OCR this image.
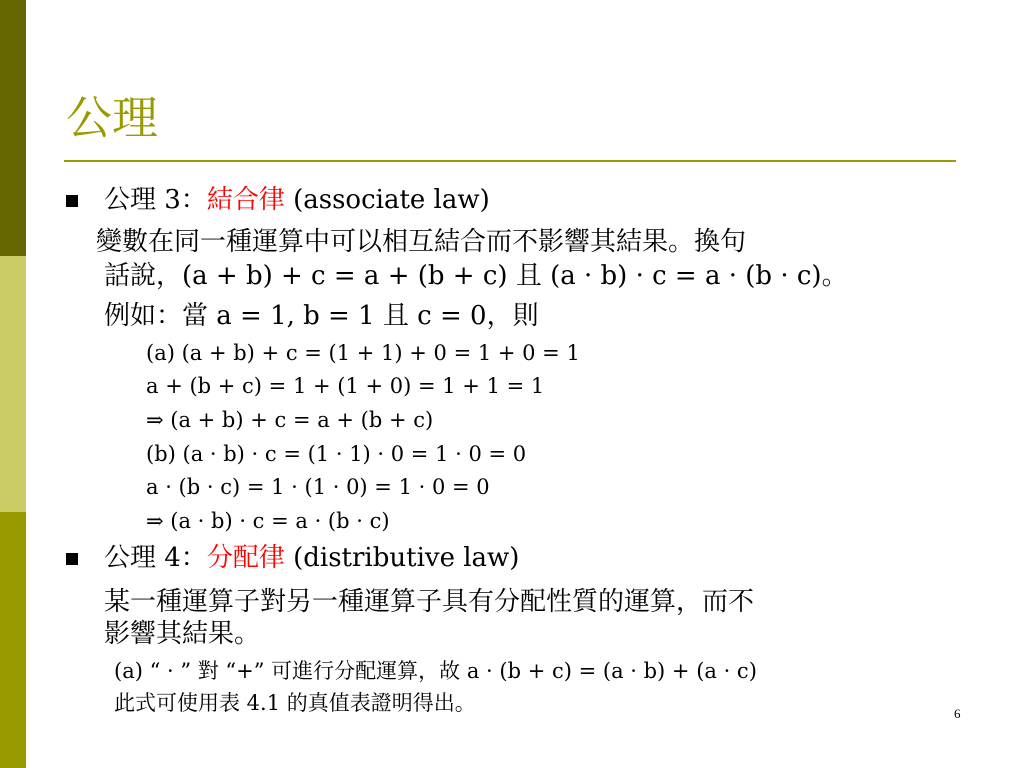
公理
公理 3：結合律 (associate law)
變數在同一種運算中可以相互結合而不影響其結果。換句
話說，(a + b) + c = a + (b + c) 且 (a · b) · c = a · (b · c)。
例如：當 a = 1, b = 1 且 c = 0，則
(a) (a + b) + c = (1 + 1) + 0 = 1 + 0 = 1
a + (b + c) = 1 + (1 + 0) = 1 + 1 = 1
⇒ (a + b) + c = a + (b + c)
(b) (a · b) · c = (1 · 1) · 0 = 1 · 0 = 0
a · (b · c) = 1 · (1 · 0) = 1 · 0 = 0
⇒ (a · b) · c = a · (b · c)
公理 4：分配律 (distributive law)
某一種運算子對另一種運算子具有分配性質的運算，而不
影響其結果。
(a) “ · ” 對 “+” 可進行分配運算，故 a · (b + c) = (a · b) + (a · c)
此式可使用表 4.1 的真值表證明得出。	6
